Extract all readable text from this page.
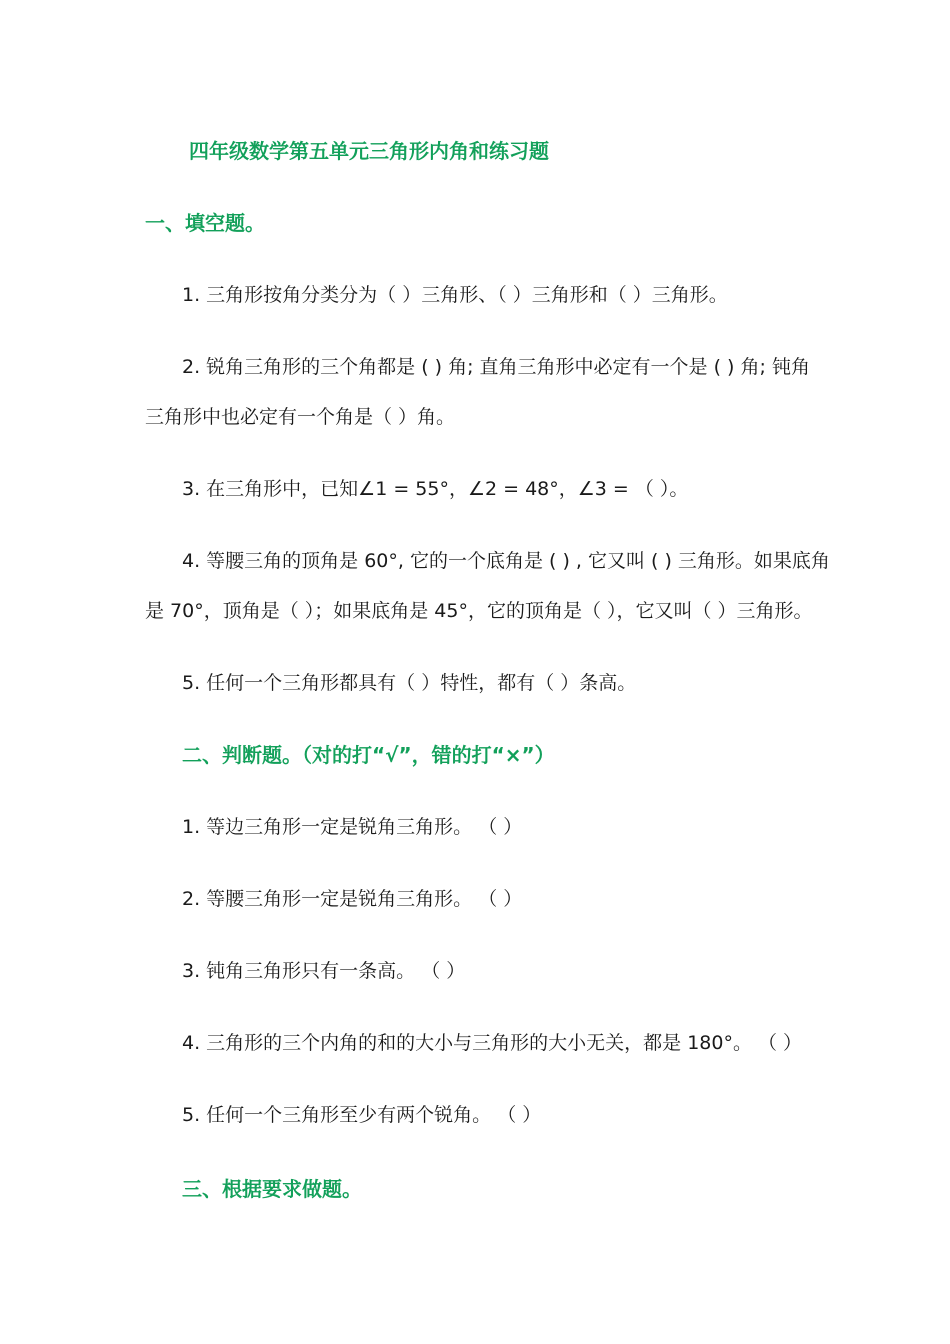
四年级数学第五单元三角形内角和练习题
一、填空题。
1. 三角形按角分类分为（ ）三角形、（ ）三角形和（ ）三角形。
2. 锐角三角形的三个角都是 ( ) 角; 直角三角形中必定有一个是 ( ) 角; 钝角
三角形中也必定有一个角是（ ）角。
3. 在三角形中，已知∠1 = 55°，∠2 = 48°，∠3 = （ ）。
4. 等腰三角的顶角是 60°, 它的一个底角是 ( ) , 它又叫 ( ) 三角形。如果底角
是 70°，顶角是（ ）；如果底角是 45°，它的顶角是（ ），它又叫（ ）三角形。
5. 任何一个三角形都具有（ ）特性，都有（ ）条高。
二、判断题。（对的打“√”，错的打“×”）
1. 等边三角形一定是锐角三角形。 （ ）
2. 等腰三角形一定是锐角三角形。 （ ）
3. 钝角三角形只有一条高。 （ ）
4. 三角形的三个内角的和的大小与三角形的大小无关，都是 180°。 （ ）
5. 任何一个三角形至少有两个锐角。 （ ）
三、根据要求做题。
